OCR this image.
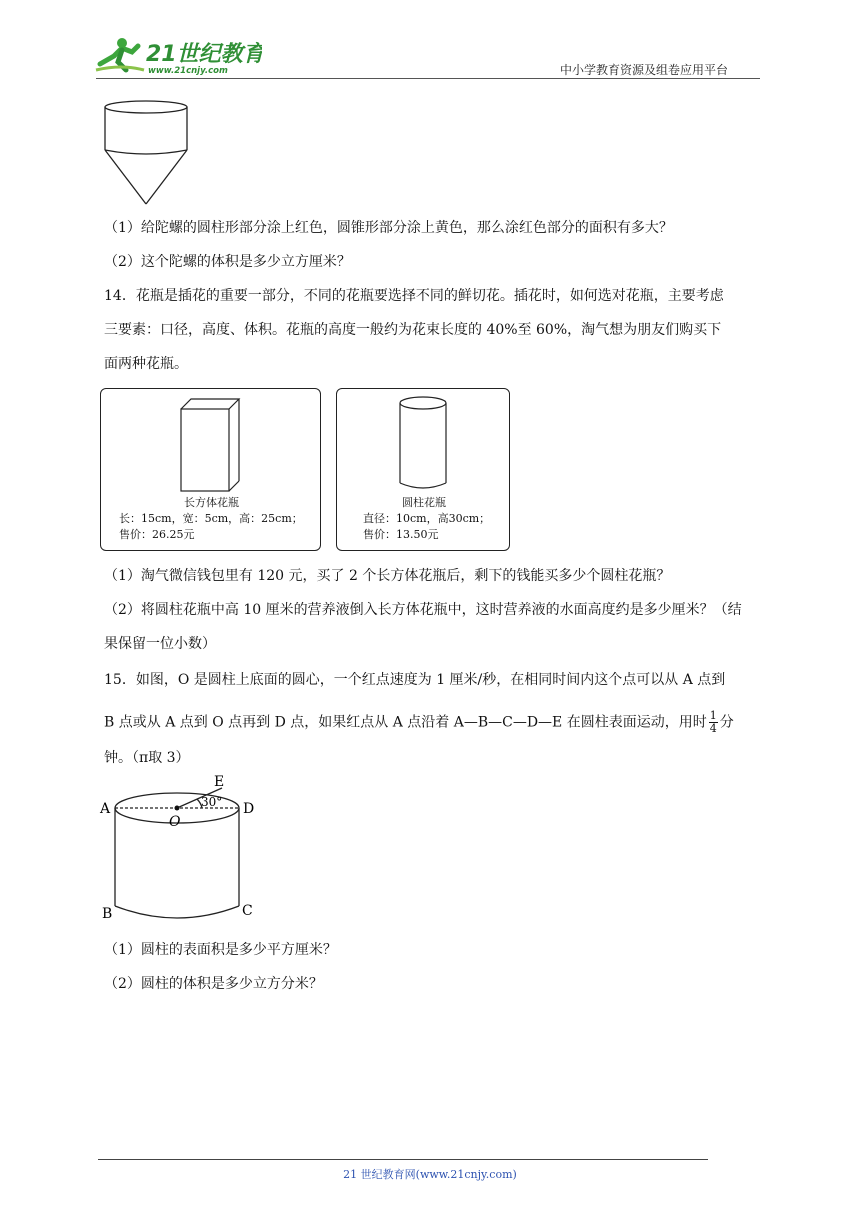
21世纪教育
www.21cnjy.com	中小学教育资源及组卷应用平台
（1）给陀螺的圆柱形部分涂上红色，圆锥形部分涂上黄色，那么涂红色部分的面积有多大？
（2）这个陀螺的体积是多少立方厘米？
14．花瓶是插花的重要一部分，不同的花瓶要选择不同的鲜切花。插花时，如何选对花瓶，主要考虑
三要素：口径，高度、体积。花瓶的高度一般约为花束长度的 40%至 60%，淘气想为朋友们购买下
面两种花瓶。
长方体花瓶
长：15cm，宽：5cm，高：25cm；
售价：26.25元
圆柱花瓶
直径：10cm，高30cm；
售价：13.50元
（1）淘气微信钱包里有 120 元，买了 2 个长方体花瓶后，剩下的钱能买多少个圆柱花瓶？
（2）将圆柱花瓶中高 10 厘米的营养液倒入长方体花瓶中，这时营养液的水面高度约是多少厘米？（结
果保留一位小数）
15．如图，O 是圆柱上底面的圆心，一个红点速度为 1 厘米/秒，在相同时间内这个点可以从 A 点到
B 点或从 A 点到 O 点再到 D 点，如果红点从 A 点沿着 A—B—C—D—E 在圆柱表面运动，用时 $\frac{1}{4}$ 分
钟。（π取 3）
A	D
E
O
30°
B	C
（1）圆柱的表面积是多少平方厘米？
（2）圆柱的体积是多少立方分米？
21 世纪教育网(www.21cnjy.com)
